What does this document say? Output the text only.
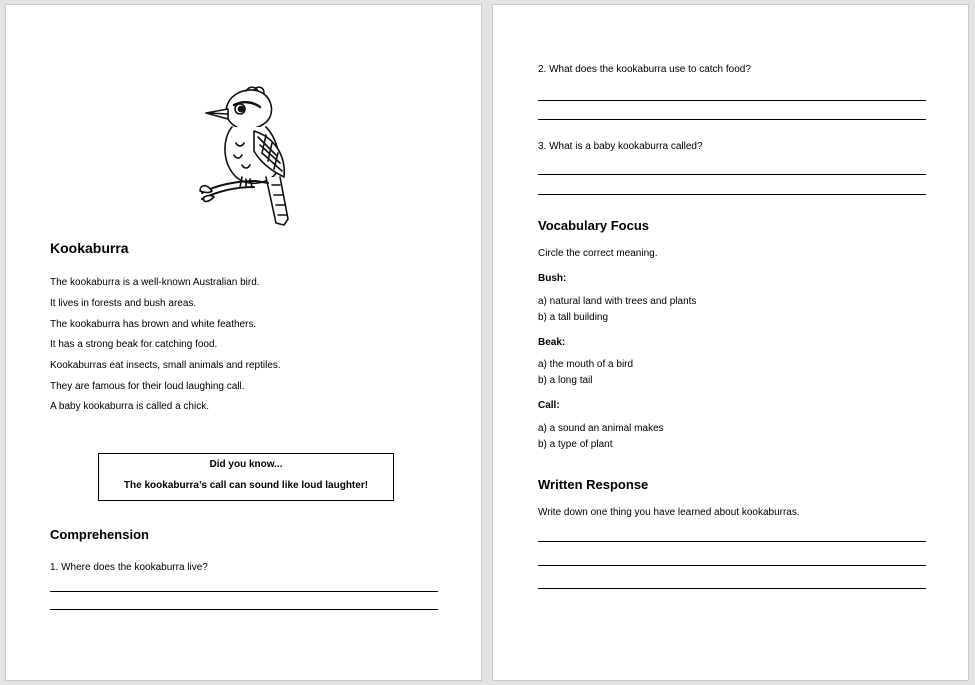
Kookaburra
The kookaburra is a well-known Australian bird.
It lives in forests and bush areas.
The kookaburra has brown and white feathers.
It has a strong beak for catching food.
Kookaburras eat insects, small animals and reptiles.
They are famous for their loud laughing call.
A baby kookaburra is called a chick.
Did you know...
The kookaburra’s call can sound like loud laughter!
Comprehension
1. Where does the kookaburra live?
2. What does the kookaburra use to catch food?
3. What is a baby kookaburra called?
Vocabulary Focus
Circle the correct meaning.
Bush:
a) natural land with trees and plants
b) a tall building
Beak:
a) the mouth of a bird
b) a long tail
Call:
a) a sound an animal makes
b) a type of plant
Written Response
Write down one thing you have learned about kookaburras.
